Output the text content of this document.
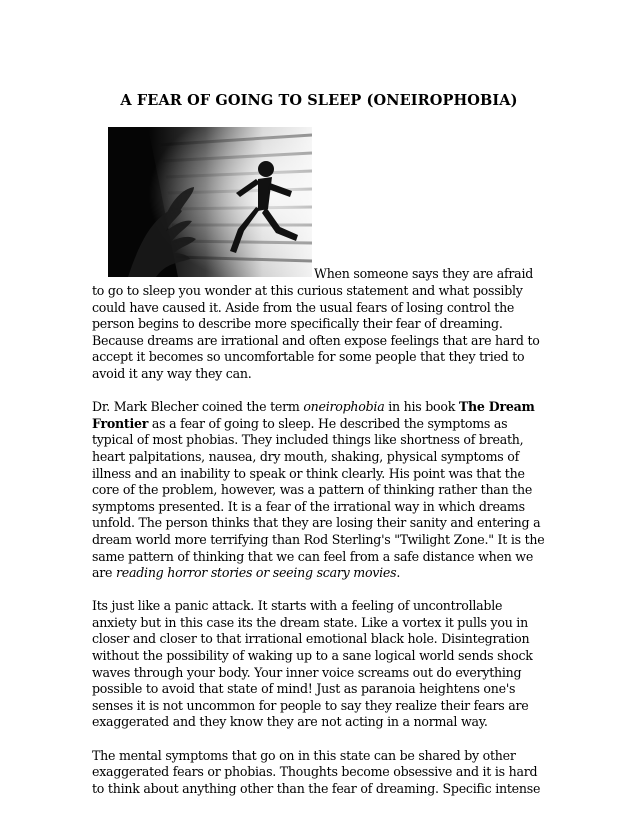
A FEAR OF GOING TO SLEEP (ONEIROPHOBIA)
When someone says they are afraid

to go to sleep you wonder at this curious statement and what possibly
could have caused it. Aside from the usual fears of losing control the
person begins to describe more specifically their fear of dreaming.
Because dreams are irrational and often expose feelings that are hard to
accept it becomes so uncomfortable for some people that they tried to
avoid it any way they can.

Dr. Mark Blecher coined the term oneirophobia in his book The Dream
Frontier as a fear of going to sleep. He described the symptoms as
typical of most phobias. They included things like shortness of breath,
heart palpitations, nausea, dry mouth, shaking, physical symptoms of
illness and an inability to speak or think clearly. His point was that the
core of the problem, however, was a pattern of thinking rather than the
symptoms presented. It is a fear of the irrational way in which dreams
unfold. The person thinks that they are losing their sanity and entering a
dream world more terrifying than Rod Sterling's "Twilight Zone." It is the
same pattern of thinking that we can feel from a safe distance when we
are reading horror stories or seeing scary movies.

Its just like a panic attack. It starts with a feeling of uncontrollable
anxiety but in this case its the dream state. Like a vortex it pulls you in
closer and closer to that irrational emotional black hole. Disintegration
without the possibility of waking up to a sane logical world sends shock
waves through your body. Your inner voice screams out do everything
possible to avoid that state of mind! Just as paranoia heightens one's
senses it is not uncommon for people to say they realize their fears are
exaggerated and they know they are not acting in a normal way.

The mental symptoms that go on in this state can be shared by other
exaggerated fears or phobias. Thoughts become obsessive and it is hard
to think about anything other than the fear of dreaming. Specific intense
